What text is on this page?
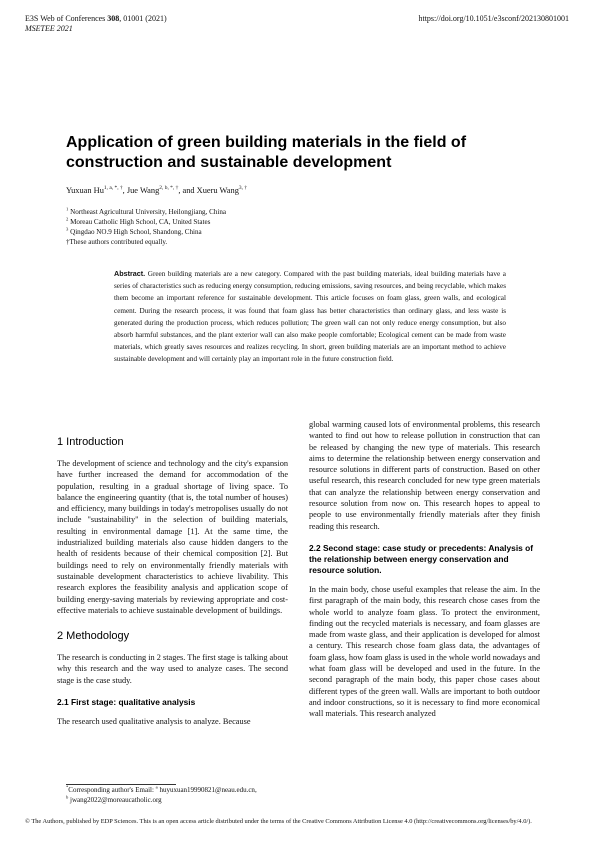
E3S Web of Conferences 308, 01001 (2021)
MSETEE 2021
https://doi.org/10.1051/e3sconf/202130801001
Application of green building materials in the field of construction and sustainable development
Yuxuan $Hu^{1, a, *, \dagger}$, Jue Wang$^{2, b, *, \dagger}$, and Xueru Wang$^{3, \dagger}$
$^1$ Northeast Agricultural University, Heilongjiang, China
$^2$ Moreau Catholic High School, CA, United States
$^3$ Qingdao NO.9 High School, Shandong, China
†These authors contributed equally.
Abstract. Green building materials are a new category. Compared with the past building materials, ideal building materials have a series of characteristics such as reducing energy consumption, reducing emissions, saving resources, and being recyclable, which makes them become an important reference for sustainable development. This article focuses on foam glass, green walls, and ecological cement. During the research process, it was found that foam glass has better characteristics than ordinary glass, and less waste is generated during the production process, which reduces pollution; The green wall can not only reduce energy consumption, but also absorb harmful substances, and the plant exterior wall can also make people comfortable; Ecological cement can be made from waste materials, which greatly saves resources and realizes recycling. In short, green building materials are an important method to achieve sustainable development and will certainly play an important role in the future construction field.
1 Introduction

The development of science and technology and the city's expansion have further increased the demand for accommodation of the population, resulting in a gradual shortage of living space. To balance the engineering quantity (that is, the total number of houses) and efficiency, many buildings in today's metropolises usually do not include "sustainability" in the selection of building materials, resulting in environmental damage [1]. At the same time, the industrialized building materials also cause hidden dangers to the health of residents because of their chemical composition [2]. But buildings need to rely on environmentally friendly materials with sustainable development characteristics to achieve livability. This research explores the feasibility analysis and application scope of building energy-saving materials by reviewing appropriate and cost-effective materials to achieve sustainable development of buildings.

2 Methodology

The research is conducting in 2 stages. The first stage is talking about why this research and the way used to analyze cases. The second stage is the case study.

2.1 First stage: qualitative analysis

The research used qualitative analysis to analyze. Because

global warming caused lots of environmental problems, this research wanted to find out how to release pollution in construction that can be released by changing the new type of materials. This research aims to determine the relationship between energy conservation and resource solutions in different parts of construction. Based on other useful research, this research concluded for new type green materials that can analyze the relationship between energy conservation and resource solution from now on. This research hopes to appeal to people to use environmentally friendly materials after they finish reading this research.

2.2 Second stage: case study or precedents: Analysis of the relationship between energy conservation and resource solution.

In the main body, chose useful examples that release the aim. In the first paragraph of the main body, this research chose cases from the whole world to analyze foam glass. To protect the environment, finding out the recycled materials is necessary, and foam glasses are made from waste glass, and their application is developed for almost a century. This research chose foam glass data, the advantages of foam glass, how foam glass is used in the whole world nowadays and what foam glass will be developed and used in the future. In the second paragraph of the main body, this paper chose cases about different types of the green wall. Walls are important to both outdoor and indoor constructions, so it is necessary to find more economical wall materials. This research analyzed

*Corresponding author's Email: $^a$ huyuxuan19990821@neau.edu.cn,
$^b$ jwang2022@moreaucatholic.org
© The Authors, published by EDP Sciences. This is an open access article distributed under the terms of the Creative Commons Attribution License 4.0 (http://creativecommons.org/licenses/by/4.0/).
